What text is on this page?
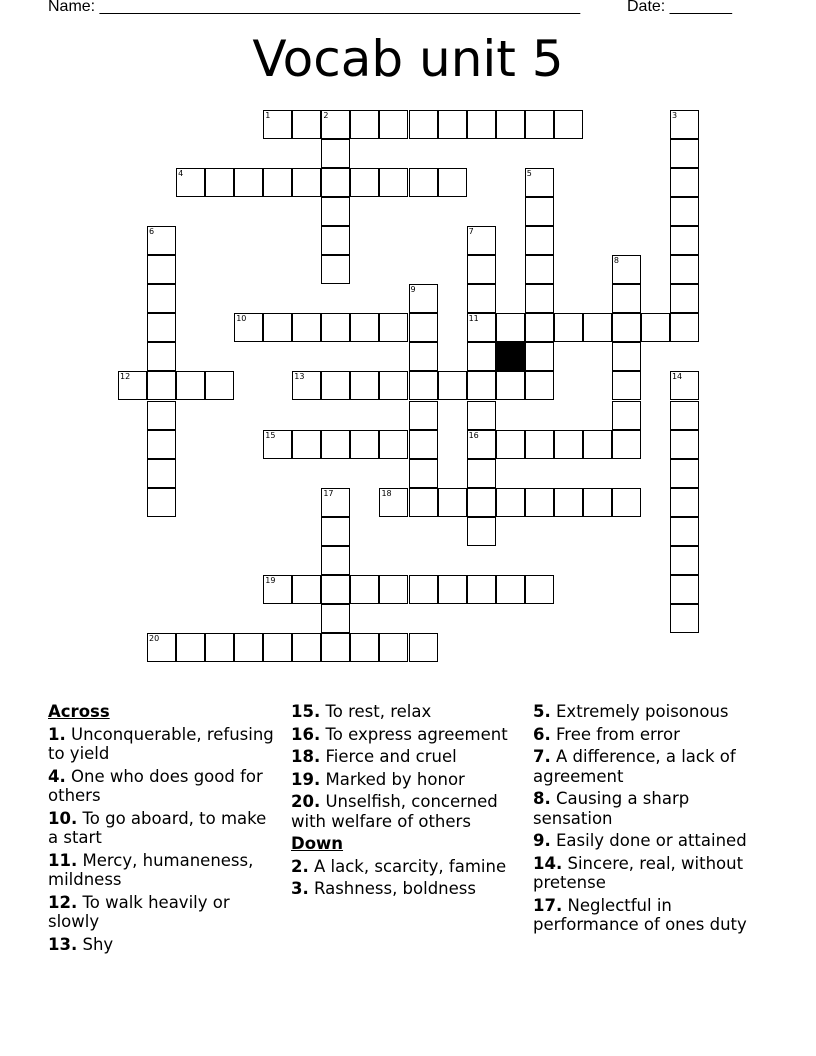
Name: ______________________________________________________	Date: _______
Vocab unit 5
1	2	3
4	5
6	7
11
16
8
9
10
12	13	14
15
17	18
19
20
Across
1. Unconquerable, refusing to yield
4. One who does good for others
10. To go aboard, to make a start
11. Mercy, humaneness, mildness
12. To walk heavily or slowly
13. Shy
15. To rest, relax
16. To express agreement
18. Fierce and cruel
19. Marked by honor
20. Unselfish, concerned with welfare of others
Down
2. A lack, scarcity, famine
3. Rashness, boldness
5. Extremely poisonous
6. Free from error
7. A difference, a lack of agreement
8. Causing a sharp sensation
9. Easily done or attained
14. Sincere, real, without pretense
17. Neglectful in performance of ones duty
